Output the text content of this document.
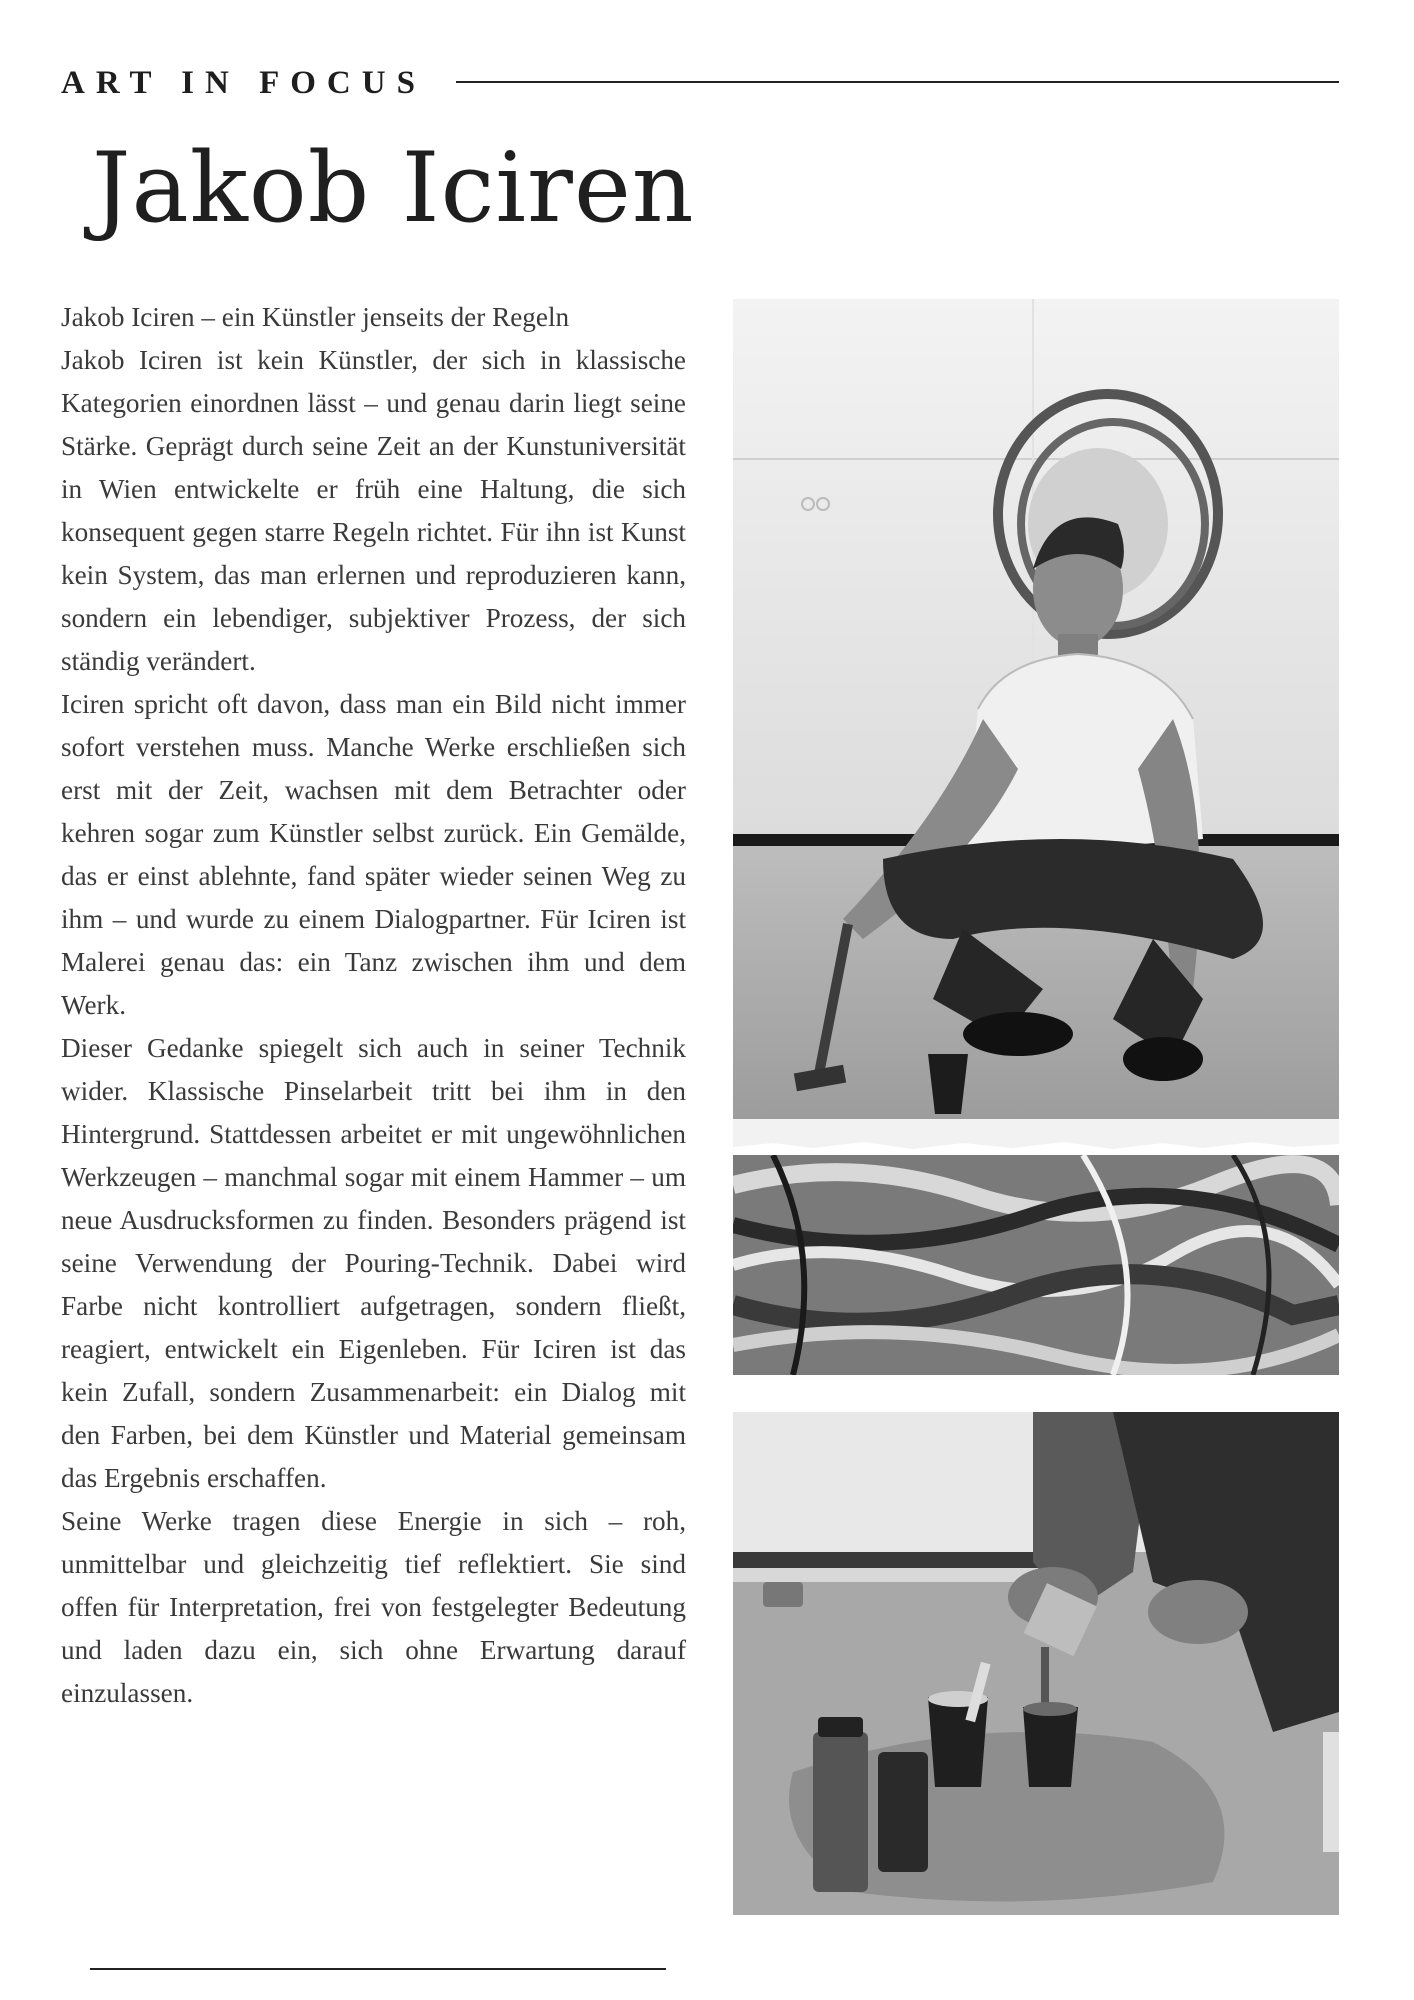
ART IN FOCUS
Jakob Iciren

Jakob Iciren – ein Künstler jenseits der Regeln

Jakob Iciren ist kein Künstler, der sich in klassische Kategorien einordnen lässt – und genau darin liegt seine Stärke. Geprägt durch seine Zeit an der Kunstuniversität in Wien entwickelte er früh eine Haltung, die sich konsequent gegen starre Regeln richtet. Für ihn ist Kunst kein System, das man erlernen und reproduzieren kann, sondern ein lebendiger, subjektiver Prozess, der sich ständig verändert.

Iciren spricht oft davon, dass man ein Bild nicht immer sofort verstehen muss. Manche Werke erschließen sich erst mit der Zeit, wachsen mit dem Betrachter oder kehren sogar zum Künstler selbst zurück. Ein Gemälde, das er einst ablehnte, fand später wieder seinen Weg zu ihm – und wurde zu einem Dialogpartner. Für Iciren ist Malerei genau das: ein Tanz zwischen ihm und dem Werk.

Dieser Gedanke spiegelt sich auch in seiner Technik wider. Klassische Pinselarbeit tritt bei ihm in den Hintergrund. Stattdessen arbeitet er mit ungewöhnlichen Werkzeugen – manchmal sogar mit einem Hammer – um neue Ausdrucksformen zu finden. Besonders prägend ist seine Verwendung der Pouring-Technik. Dabei wird Farbe nicht kontrolliert aufgetragen, sondern fließt, reagiert, entwickelt ein Eigenleben. Für Iciren ist das kein Zufall, sondern Zusammenarbeit: ein Dialog mit den Farben, bei dem Künstler und Material gemeinsam das Ergebnis erschaffen.

Seine Werke tragen diese Energie in sich – roh, unmittelbar und gleichzeitig tief reflektiert. Sie sind offen für Interpretation, frei von festgelegter Bedeutung und laden dazu ein, sich ohne Erwartung darauf einzulassen.
